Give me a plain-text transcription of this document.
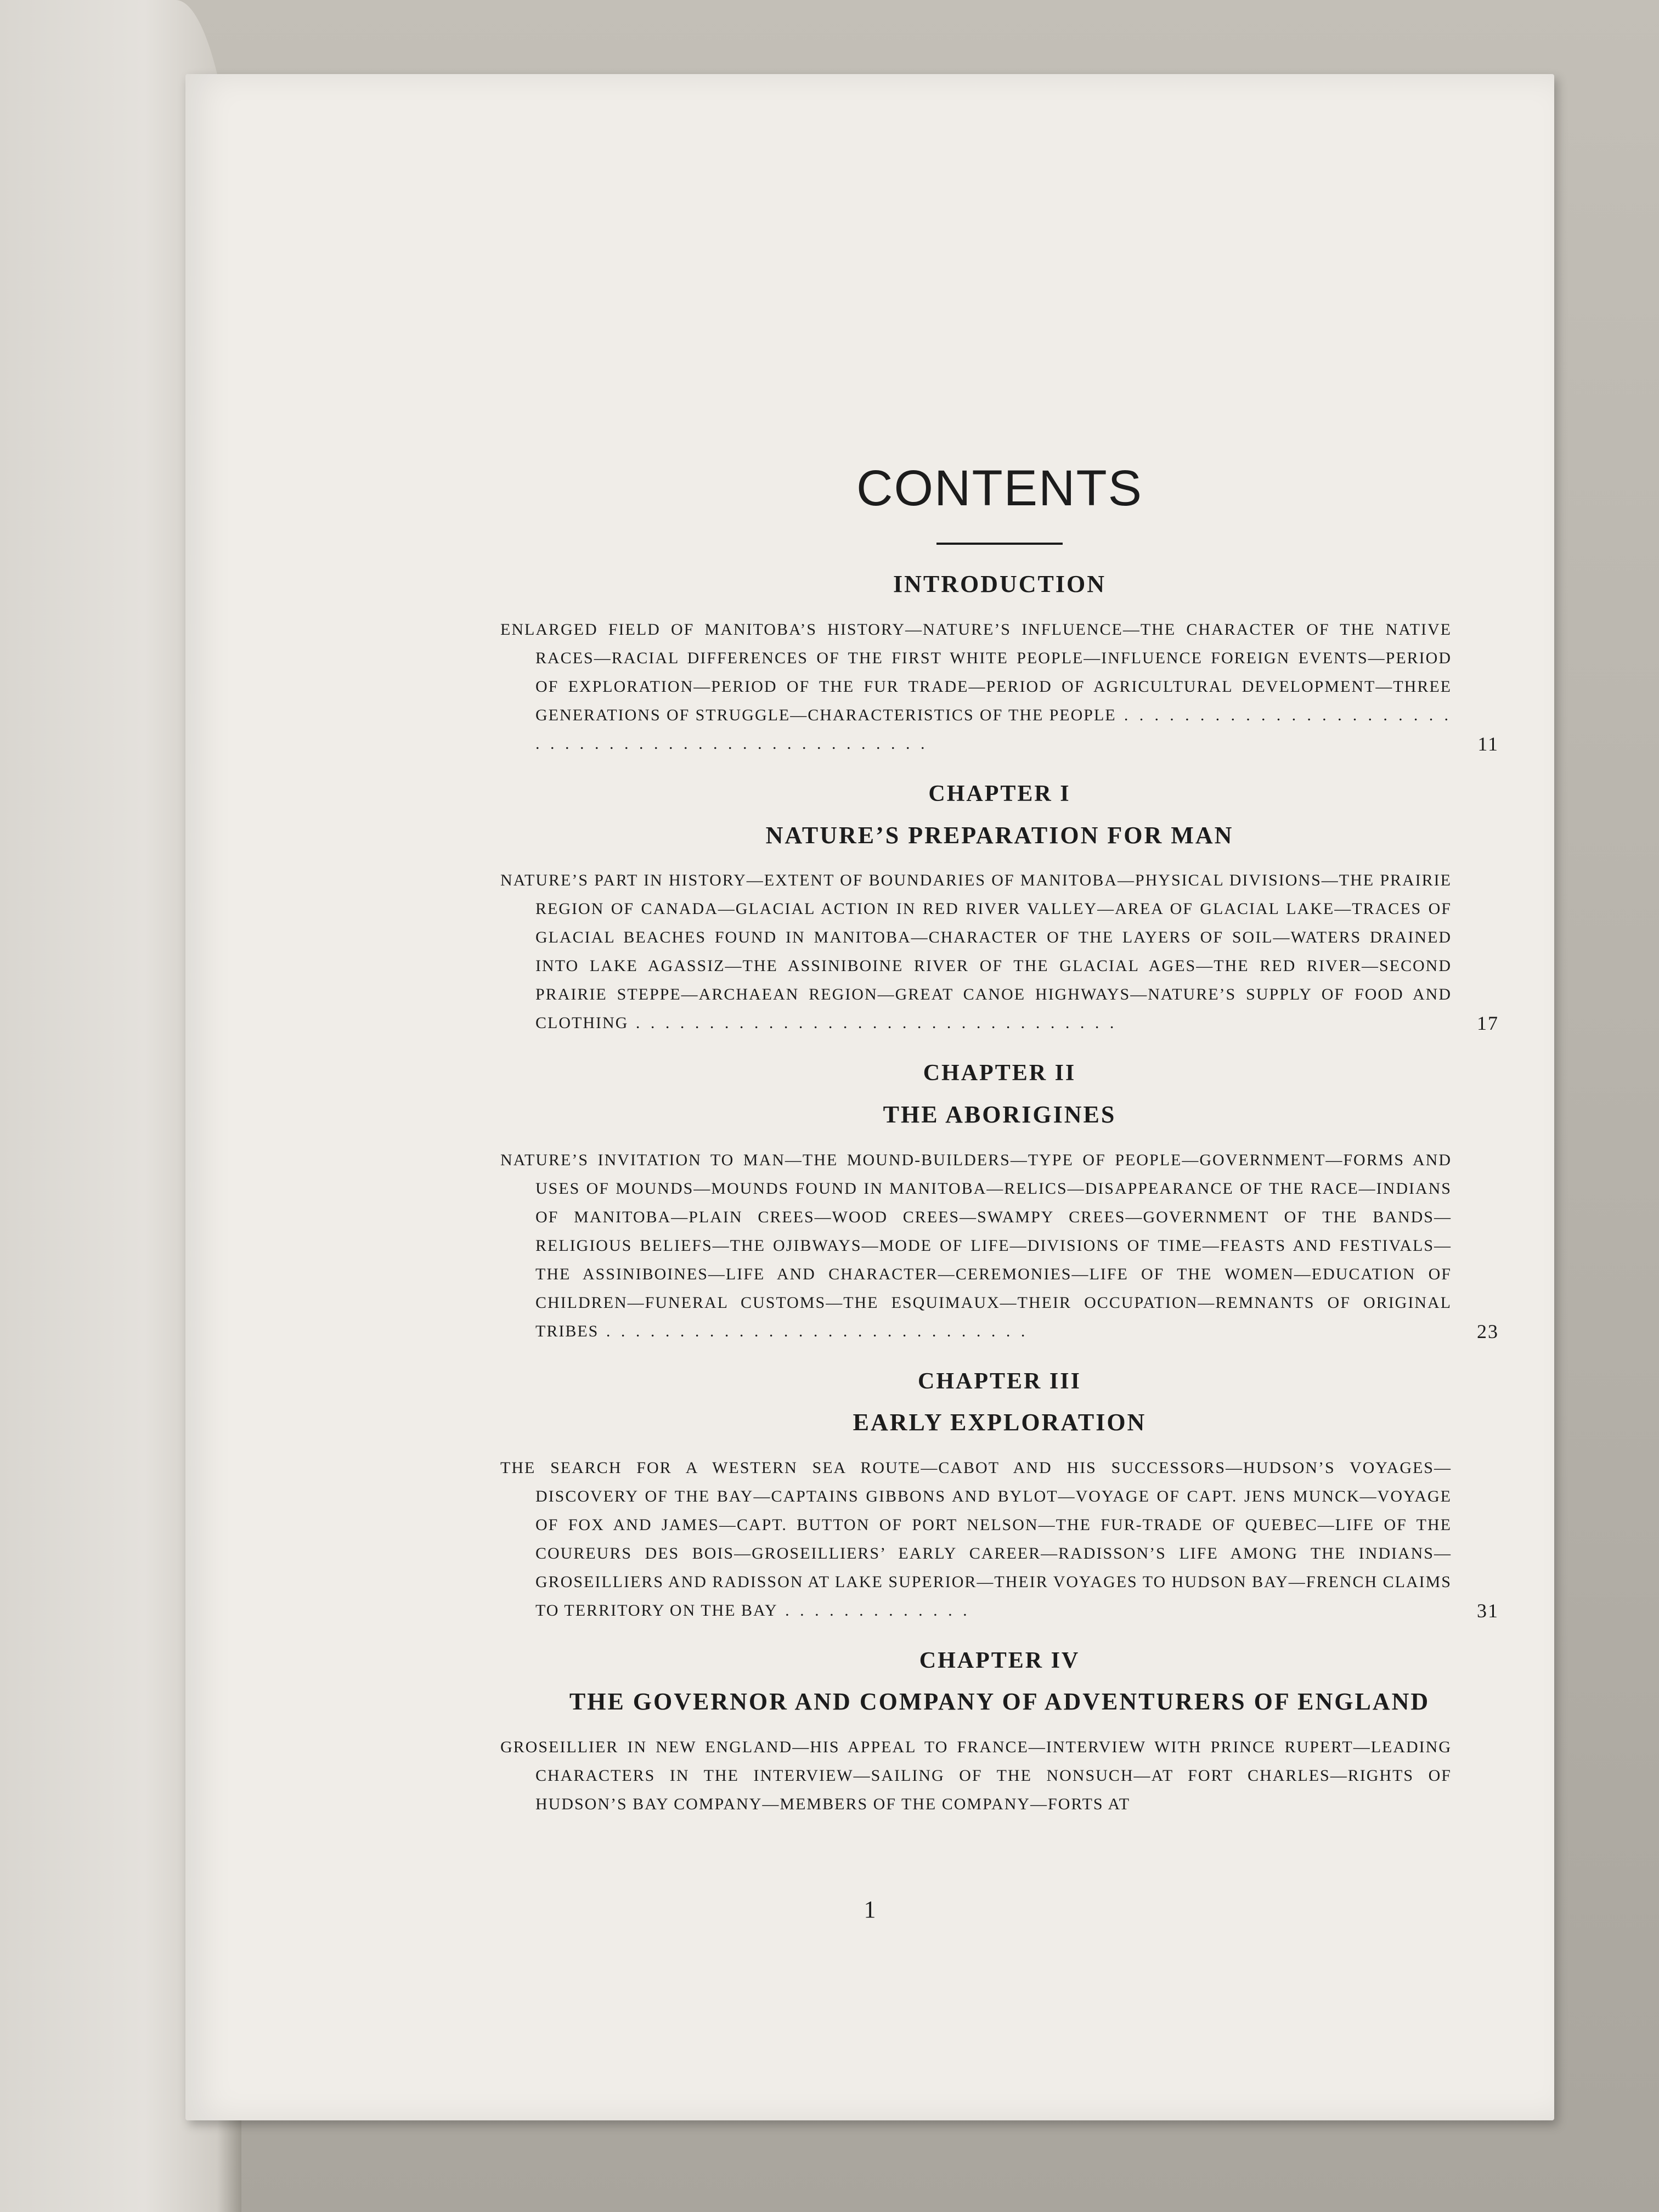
CONTENTS
INTRODUCTION

ENLARGED FIELD OF MANITOBA’S HISTORY—NATURE’S INFLUENCE—THE CHARACTER OF THE NATIVE RACES—RACIAL DIFFERENCES OF THE FIRST WHITE PEOPLE—INFLUENCE FOREIGN EVENTS—PERIOD OF EXPLORATION—PERIOD OF THE FUR TRADE—PERIOD OF AGRICULTURAL DEVELOPMENT—THREE GENERATIONS OF STRUGGLE—CHARACTERISTICS OF THE PEOPLE . . . . . . . . . . . . . . . . . . . . . . . . . . . . . . . . . . . . . . . . . . . . . . . . .	11

CHAPTER I
NATURE’S PREPARATION FOR MAN

NATURE’S PART IN HISTORY—EXTENT OF BOUNDARIES OF MANITOBA—PHYSICAL DIVISIONS—THE PRAIRIE REGION OF CANADA—GLACIAL ACTION IN RED RIVER VALLEY—AREA OF GLACIAL LAKE—TRACES OF GLACIAL BEACHES FOUND IN MANITOBA—CHARACTER OF THE LAYERS OF SOIL—WATERS DRAINED INTO LAKE AGASSIZ—THE ASSINIBOINE RIVER OF THE GLACIAL AGES—THE RED RIVER—SECOND PRAIRIE STEPPE—ARCHAEAN REGION—GREAT CANOE HIGHWAYS—NATURE’S SUPPLY OF FOOD AND CLOTHING . . . . . . . . . . . . . . . . . . . . . . . . . . . . . . . . .	17

CHAPTER II
THE ABORIGINES

NATURE’S INVITATION TO MAN—THE MOUND-BUILDERS—TYPE OF PEOPLE—GOVERNMENT—FORMS AND USES OF MOUNDS—MOUNDS FOUND IN MANITOBA—RELICS—DISAPPEARANCE OF THE RACE—INDIANS OF MANITOBA—PLAIN CREES—WOOD CREES—SWAMPY CREES—GOVERNMENT OF THE BANDS—RELIGIOUS BELIEFS—THE OJIBWAYS—MODE OF LIFE—DIVISIONS OF TIME—FEASTS AND FESTIVALS—THE ASSINIBOINES—LIFE AND CHARACTER—CEREMONIES—LIFE OF THE WOMEN—EDUCATION OF CHILDREN—FUNERAL CUSTOMS—THE ESQUIMAUX—THEIR OCCUPATION—REMNANTS OF ORIGINAL TRIBES . . . . . . . . . . . . . . . . . . . . . . . . . . . . .	23

CHAPTER III
EARLY EXPLORATION

THE SEARCH FOR A WESTERN SEA ROUTE—CABOT AND HIS SUCCESSORS—HUDSON’S VOYAGES—DISCOVERY OF THE BAY—CAPTAINS GIBBONS AND BYLOT—VOYAGE OF CAPT. JENS MUNCK—VOYAGE OF FOX AND JAMES—CAPT. BUTTON OF PORT NELSON—THE FUR-TRADE OF QUEBEC—LIFE OF THE COUREURS DES BOIS—GROSEILLIERS’ EARLY CAREER—RADISSON’S LIFE AMONG THE INDIANS—GROSEILLIERS AND RADISSON AT LAKE SUPERIOR—THEIR VOYAGES TO HUDSON BAY—FRENCH CLAIMS TO TERRITORY ON THE BAY . . . . . . . . . . . . .	31

CHAPTER IV
THE GOVERNOR AND COMPANY OF ADVENTURERS OF ENGLAND

GROSEILLIER IN NEW ENGLAND—HIS APPEAL TO FRANCE—INTERVIEW WITH PRINCE RUPERT—LEADING CHARACTERS IN THE INTERVIEW—SAILING OF THE NONSUCH—AT FORT CHARLES—RIGHTS OF HUDSON’S BAY COMPANY—MEMBERS OF THE COMPANY—FORTS AT

1
